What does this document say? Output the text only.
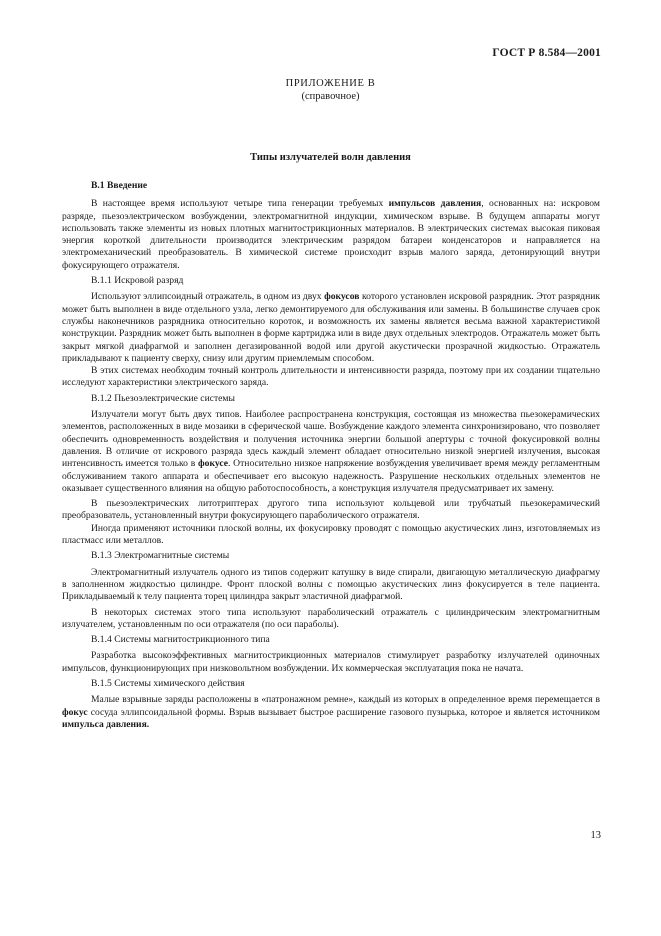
ГОСТ Р 8.584—2001
ПРИЛОЖЕНИЕ В
(справочное)
Типы излучателей волн давления

В.1 Введение

В настоящее время используют четыре типа генерации требуемых импульсов давления, основанных на: искровом разряде, пьезоэлектрическом возбуждении, электромагнитной индукции, химическом взрыве. В будущем аппараты могут использовать также элементы из новых плотных магнитострикционных материалов. В электрических системах высокая пиковая энергия короткой длительности производится электрическим разрядом батареи конденсаторов и направляется на электромеханический преобразователь. В химической системе происходит взрыв малого заряда, детонирующий внутри фокусирующего отражателя.

В.1.1 Искровой разряд

Используют эллипсоидный отражатель, в одном из двух фокусов которого установлен искровой разрядник. Этот разрядник может быть выполнен в виде отдельного узла, легко демонтируемого для обслуживания или замены. В большинстве случаев срок службы наконечников разрядника относительно короток, и возможность их замены является весьма важной характеристикой конструкции. Разрядник может быть выполнен в форме картриджа или в виде двух отдельных электродов. Отражатель может быть закрыт мягкой диафрагмой и заполнен дегазированной водой или другой акустически прозрачной жидкостью. Отражатель прикладывают к пациенту сверху, снизу или другим приемлемым способом.

В этих системах необходим точный контроль длительности и интенсивности разряда, поэтому при их создании тщательно исследуют характеристики электрического заряда.

В.1.2 Пьезоэлектрические системы

Излучатели могут быть двух типов. Наиболее распространена конструкция, состоящая из множества пьезокерамических элементов, расположенных в виде мозаики в сферической чаше. Возбуждение каждого элемента синхронизировано, что позволяет обеспечить одновременность воздействия и получения источника энергии большой апертуры с точной фокусировкой волны давления. В отличие от искрового разряда здесь каждый элемент обладает относительно низкой энергией излучения, высокая интенсивность имеется только в фокусе. Относительно низкое напряжение возбуждения увеличивает время между регламентным обслуживанием такого аппарата и обеспечивает его высокую надежность. Разрушение нескольких отдельных элементов не оказывает существенного влияния на общую работоспособность, а конструкция излучателя предусматривает их замену.

В пьезоэлектрических литотриптерах другого типа используют кольцевой или трубчатый пьезокерамический преобразователь, установленный внутри фокусирующего параболического отражателя.

Иногда применяют источники плоской волны, их фокусировку проводят с помощью акустических линз, изготовляемых из пластмасс или металлов.

В.1.3 Электромагнитные системы

Электромагнитный излучатель одного из типов содержит катушку в виде спирали, двигающую металлическую диафрагму в заполненном жидкостью цилиндре. Фронт плоской волны с помощью акустических линз фокусируется в теле пациента. Прикладываемый к телу пациента торец цилиндра закрыт эластичной диафрагмой.

В некоторых системах этого типа используют параболический отражатель с цилиндрическим электромагнитным излучателем, установленным по оси отражателя (по оси параболы).

В.1.4 Системы магнитострикционного типа

Разработка высокоэффективных магнитострикционных материалов стимулирует разработку излучателей одиночных импульсов, функционирующих при низковольтном возбуждении. Их коммерческая эксплуатация пока не начата.

В.1.5 Системы химического действия

Малые взрывные заряды расположены в «патронажном ремне», каждый из которых в определенное время перемещается в фокус сосуда эллипсоидальной формы. Взрыв вызывает быстрое расширение газового пузырька, которое и является источником импульса давления.

13
